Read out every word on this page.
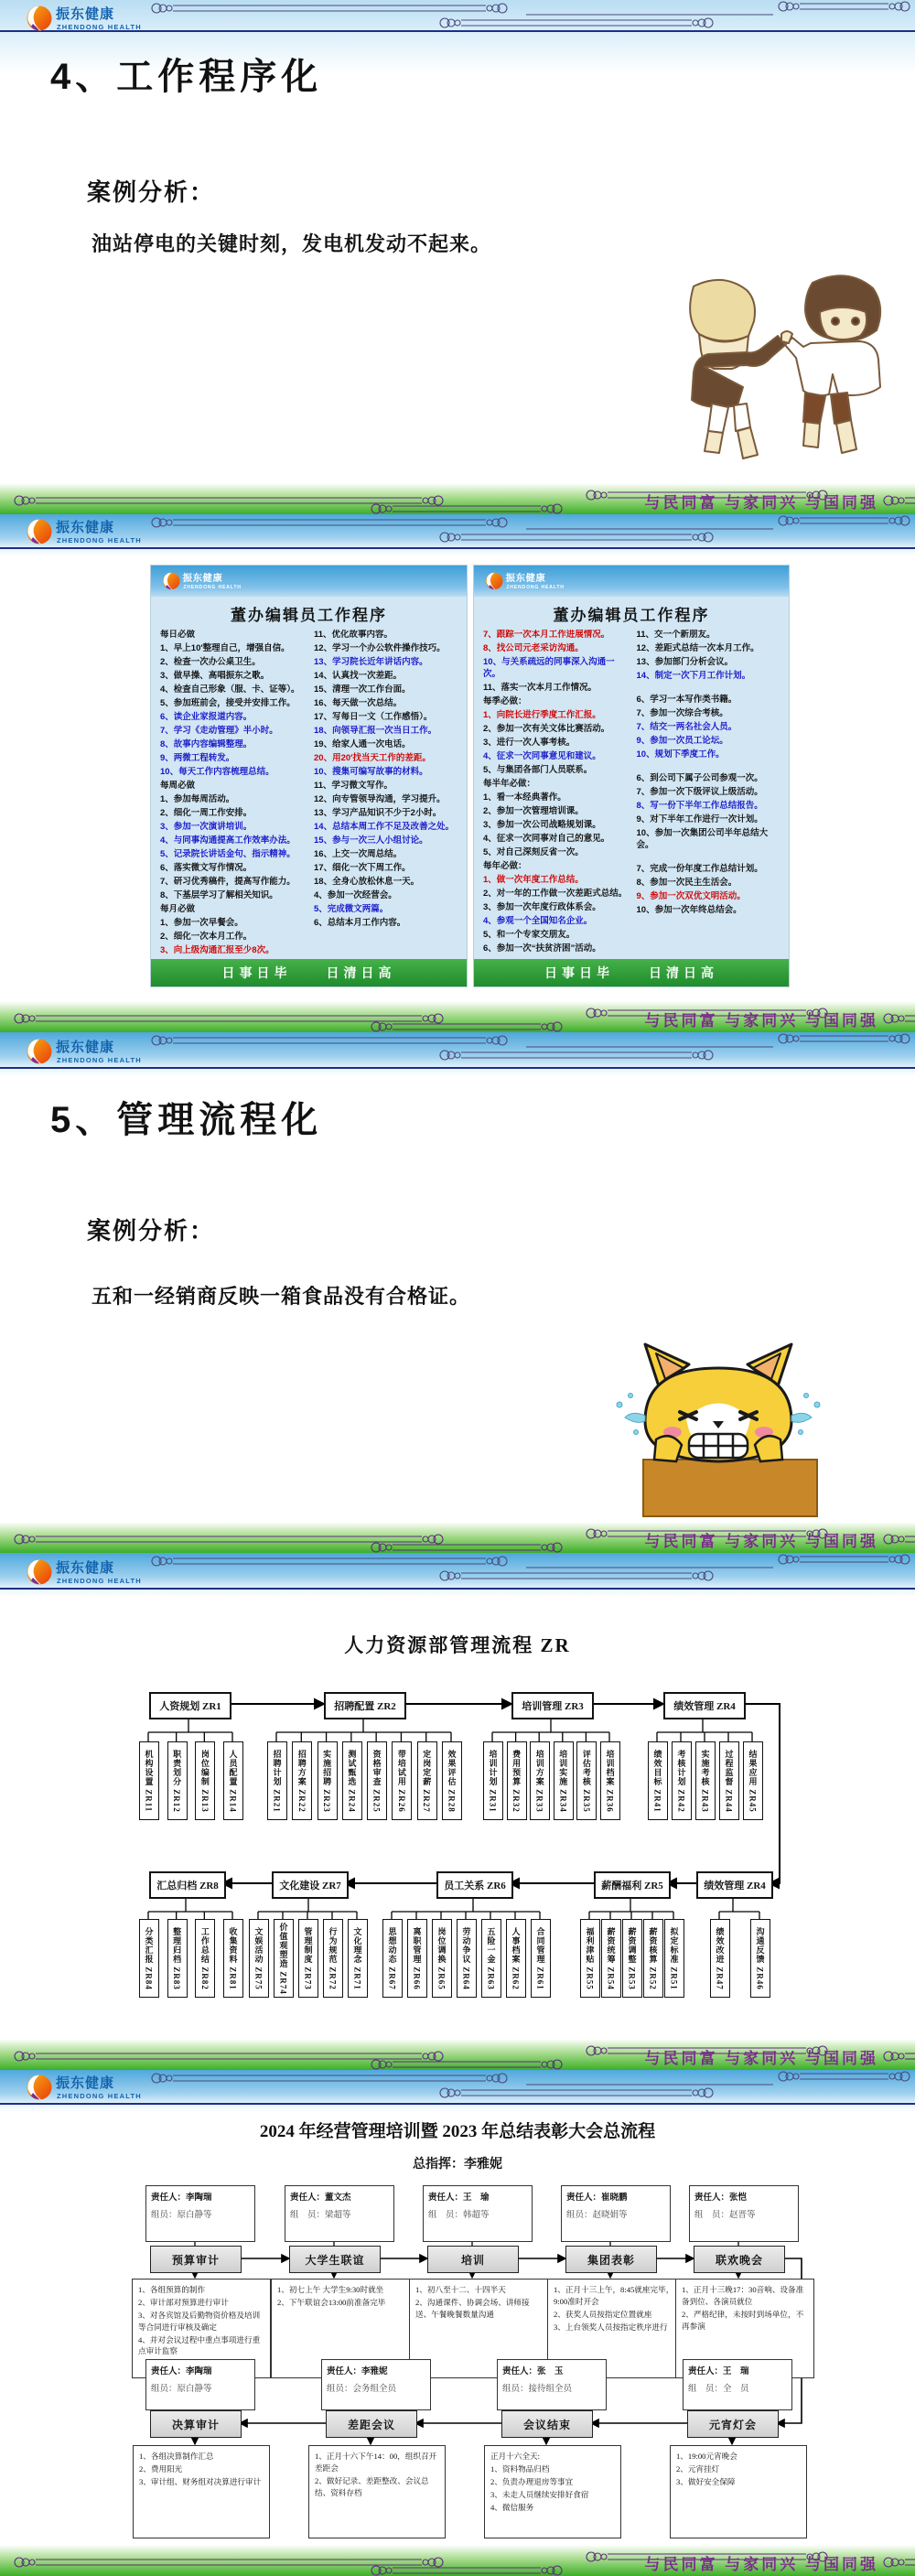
振东健康
ZHENDONG HEALTH
4、工作程序化
案例分析：
油站停电的关键时刻，发电机发动不起来。
与民同富 与家同兴 与国同强
振东健康
ZHENDONG HEALTH
振东健康
ZHENDONG HEALTH
董办编辑员工作程序
每日必做
1、早上10′整理自己，增强自信。
2、检查一次办公桌卫生。
3、做早操、高唱振东之歌。
4、检查自己形象（服、卡、证等）。
5、参加班前会，接受并安排工作。
6、读企业家报道内容。
7、学习《走动管理》半小时。
8、故事内容编辑整理。
9、两微工程转发。
10、每天工作内容梳理总结。
每周必做
1、参加每周活动。
2、细化一周工作安排。
3、参加一次演讲培训。
4、与同事沟通提高工作效率办法。
5、记录院长讲话金句、指示精神。
6、落实微文写作情况。
7、研习优秀稿件，提高写作能力。
8、下基层学习了解相关知识。
每月必做
1、参加一次早餐会。
2、细化一次本月工作。
3、向上级沟通汇报至少8次。
11、优化故事内容。
12、学习一个办公软件操作技巧。
13、学习院长近年讲话内容。
14、认真找一次差距。
15、清理一次工作台面。
16、每天做一次总结。
17、写每日一文（工作感悟）。
18、向领导汇报一次当日工作。
19、给家人通一次电话。
20、用20′找当天工作的差距。
10、搜集可编写故事的材料。
11、学习微文写作。
12、向专管领导沟通，学习提升。
13、学习产品知识不少于2小时。
14、总结本周工作不足及改善之处。
15、参与一次三人小组讨论。
16、上交一次周总结。
17、细化一次下周工作。
18、全身心放松休息一天。
4、参加一次经营会。
5、完成微文两篇。
6、总结本月工作内容。
日事日毕　　日清日高
振东健康
ZHENDONG HEALTH
董办编辑员工作程序
7、跟踪一次本月工作进展情况。
8、找公司元老采访沟通。
10、与关系疏远的同事深入沟通一次。
11、落实一次本月工作情况。
每季必做：
1、向院长进行季度工作汇报。
2、参加一次有关文体比赛活动。
3、进行一次人事考核。
4、征求一次同事意见和建议。
5、与集团各部门人员联系。
每半年必做：
1、看一本经典著作。
2、参加一次管理培训课。
3、参加一次公司战略规划课。
4、征求一次同事对自己的意见。
5、对自己深刻反省一次。
每年必做：
1、做一次年度工作总结。
2、对一年的工作做一次差距式总结。
3、参加一次年度行政体系会。
4、参观一个全国知名企业。
5、和一个专家交朋友。
6、参加一次“扶贫济困”活动。
11、交一个新朋友。
12、差距式总结一次本月工作。
13、参加部门分析会议。
14、制定一次下月工作计划。
6、学习一本写作类书籍。
7、参加一次综合考核。
7、结交一两名社会人员。
9、参加一次员工论坛。
10、规划下季度工作。
6、到公司下属子公司参观一次。
7、参加一次下级评议上级活动。
8、写一份下半年工作总结报告。
9、对下半年工作进行一次计划。
10、参加一次集团公司半年总结大会。
7、完成一份年度工作总结计划。
8、参加一次民主生活会。
9、参加一次双优文明活动。
10、参加一次年终总结会。
日事日毕　　日清日高
与民同富 与家同兴 与国同强
振东健康
ZHENDONG HEALTH
5、管理流程化
案例分析：
五和一经销商反映一箱食品没有合格证。
与民同富 与家同兴 与国同强
振东健康
ZHENDONG HEALTH
人力资源部管理流程 ZR
人资规划 ZR1
机构设置 ZR11	职责划分 ZR12	岗位编制 ZR13	人员配置 ZR14
招聘配置 ZR2
招聘计划 ZR21	招聘方案 ZR22	实施招聘 ZR23	测试甄选 ZR24	资格审查 ZR25	带培试用 ZR26	定岗定薪 ZR27	效果评估 ZR28
培训管理 ZR3
培训计划 ZR31	费用预算 ZR32	培训方案 ZR33	培训实施 ZR34	评估考核 ZR35	培训档案 ZR36
绩效管理 ZR4
绩效目标 ZR41	考核计划 ZR42	实施考核 ZR43	过程监督 ZR44	结果应用 ZR45
汇总归档 ZR8
分类汇报 ZR84	整理归档 ZR83	工作总结 ZR82	收集资料 ZR81
文化建设 ZR7
文娱活动 ZR75	价值观塑造 ZR74	管理制度 ZR73	行为规范 ZR72	文化理念 ZR71
员工关系 ZR6
思想动态 ZR67	离职管理 ZR66	岗位调换 ZR65	劳动争议 ZR64	五险一金 ZR63	人事档案 ZR62	合同管理 ZR61
薪酬福利 ZR5
福利津贴 ZR55	薪资统筹 ZR54	薪资调整 ZR53	薪资核算 ZR52	拟定标准 ZR51
绩效管理 ZR4
绩效改进 ZR47	沟通反馈 ZR46
与民同富 与家同兴 与国同强
振东健康
ZHENDONG HEALTH
2024 年经营管理培训暨 2023 年总结表彰大会总流程
总指挥：李雅妮
责任人：李陶瑞
组员：原白静等
预算审计
1、各组预算的制作
2、审计部对预算进行审计
3、对各宾馆及后勤物资价格及培训等合同进行审核及确定
4、并对会议过程中重点事项进行重点审计监察
责任人：董文杰
组　员：梁超等
大学生联谊
1、初七上午 大学生9:30时就坐
2、下午联谊会13:00前准备完毕
责任人：王　瑜
组　员：韩超等
培训
1、初八至十二、十四半天
2、沟通课件、协调会场、讲师接送、午餐晚餐数量沟通
责任人：崔晓鹏
组员：赵晓娟等
集团表彰
1、正月十三上午，8:45就座完毕，9:00准时开会
2、获奖人员按指定位置就座
3、上台领奖人员按指定秩序进行
责任人：张恺
组　员：赵晋等
联欢晚会
1、正月十三晚17：30音响、设备准备到位、各演员就位
2、严格纪律，未按时到场单位，不再参演
责任人：李陶瑞
组员：原白静等
决算审计
1、各组决算制作汇总
2、费用阳光
3、审计组、财务组对决算进行审计
责任人：李雅妮
组员：会务组全员
差距会议
1、正月十六下午14：00，组织召开差距会
2、做好记录、差距整改、会议总结、资料存档
责任人：张　玉
组员：接待组全员
会议结束
正月十六全天:
1、资料物品归档
2、负责办理退房等事宜
3、未走人员继续安排好食宿
4、微信服务
责任人：王　瑞
组　员：全　员
元宵灯会
1、19:00元宵晚会
2、元宵挂灯
3、做好安全保障
与民同富 与家同兴 与国同强
